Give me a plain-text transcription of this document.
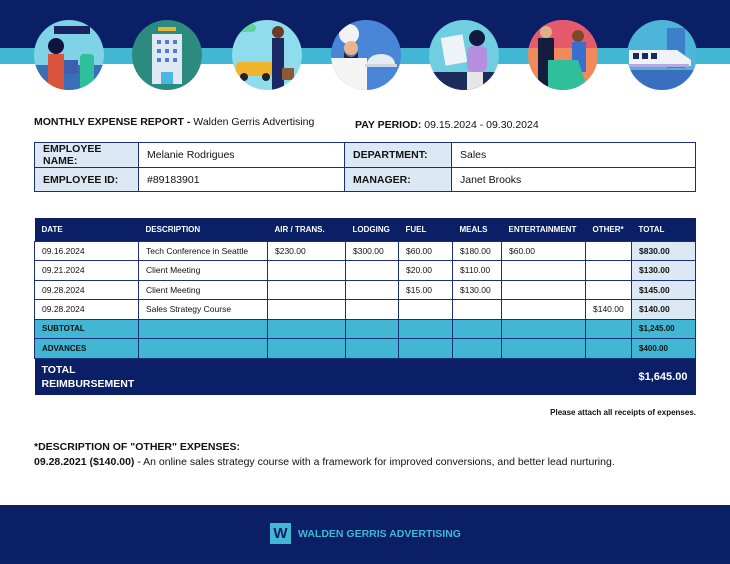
MONTHLY EXPENSE REPORT - Walden Gerris Advertising	PAY PERIOD: 09.15.2024 - 09.30.2024
EMPLOYEE NAME:	Melanie Rodrigues	DEPARTMENT:	Sales
EMPLOYEE ID:	#89183901	MANAGER:	Janet Brooks
DATE	DESCRIPTION	AIR / TRANS.	LODGING	FUEL	MEALS	ENTERTAINMENT	OTHER*	TOTAL
09.16.2024	Tech Conference in Seattle	$230.00	$300.00	$60.00	$180.00	$60.00		$830.00
09.21.2024	Client Meeting			$20.00	$110.00			$130.00
09.28.2024	Client Meeting			$15.00	$130.00			$145.00
09.28.2024	Sales Strategy Course						$140.00	$140.00
SUBTOTAL								$1,245.00
ADVANCES								$400.00
TOTAL
REIMBURSEMENT								$1,645.00
Please attach all receipts of expenses.
*DESCRIPTION OF "OTHER" EXPENSES:
09.28.2021 ($140.00) - An online sales strategy course with a framework for improved conversions, and better lead nurturing.
W WALDEN GERRIS ADVERTISING
